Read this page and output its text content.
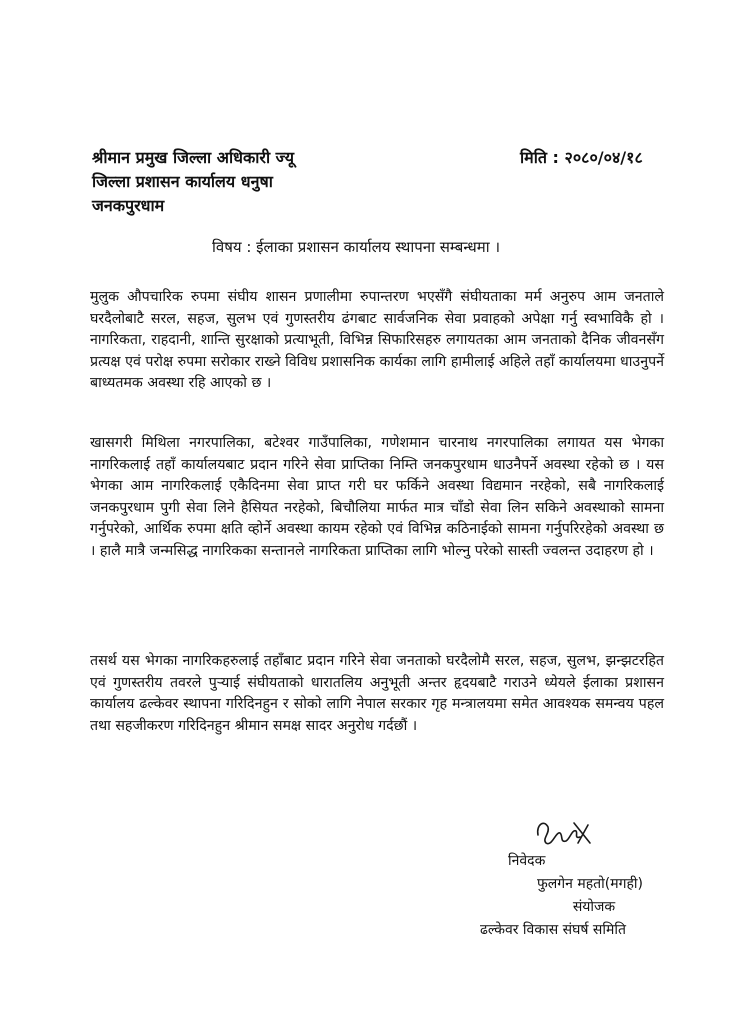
श्रीमान प्रमुख जिल्ला अधिकारी ज्यू
जिल्ला प्रशासन कार्यालय धनुषा
जनकपुरधाम
मिति : २०८०/०४/१८
विषय : ईलाका प्रशासन कार्यालय स्थापना सम्बन्धमा ।
मुलुक औपचारिक रुपमा संघीय शासन प्रणालीमा रुपान्तरण भएसँगै संघीयताका मर्म अनुरुप आम जनताले घरदैलोबाटै सरल, सहज, सुलभ एवं गुणस्तरीय ढंगबाट सार्वजनिक सेवा प्रवाहको अपेक्षा गर्नु स्वभाविकै हो । नागरिकता, राहदानी, शान्ति सुरक्षाको प्रत्याभूती, विभिन्न सिफारिसहरु लगायतका आम जनताको दैनिक जीवनसँग प्रत्यक्ष एवं परोक्ष रुपमा सरोकार राख्ने विविध प्रशासनिक कार्यका लागि हामीलाई अहिले तहाँ कार्यालयमा धाउनुपर्ने बाध्यतमक अवस्था रहि आएको छ ।
खासगरी मिथिला नगरपालिका, बटेश्वर गाउँपालिका, गणेशमान चारनाथ नगरपालिका लगायत यस भेगका नागरिकलाई तहाँ कार्यालयबाट प्रदान गरिने सेवा प्राप्तिका निम्ति जनकपुरधाम धाउनैपर्ने अवस्था रहेको छ । यस भेगका आम नागरिकलाई एकैदिनमा सेवा प्राप्त गरी घर फर्किने अवस्था विद्यमान नरहेको, सबै नागरिकलाई जनकपुरधाम पुगी सेवा लिने हैसियत नरहेको, बिचौलिया मार्फत मात्र चाँडो सेवा लिन सकिने अवस्थाको सामना गर्नुपरेको, आर्थिक रुपमा क्षति व्होर्ने अवस्था कायम रहेको एवं विभिन्न कठिनाईको सामना गर्नुपरिरहेको अवस्था छ । हालै मात्रै जन्मसिद्ध नागरिकका सन्तानले नागरिकता प्राप्तिका लागि भोल्नु परेको सास्ती ज्वलन्त उदाहरण हो ।
तसर्थ यस भेगका नागरिकहरुलाई तहाँबाट प्रदान गरिने सेवा जनताको घरदैलोमै सरल, सहज, सुलभ, झन्झटरहित एवं गुणस्तरीय तवरले पुऱ्याई संघीयताको धारातलिय अनुभूती अन्तर हृदयबाटै गराउने ध्येयले ईलाका प्रशासन कार्यालय ढल्केवर स्थापना गरिदिनहुन र सोको लागि नेपाल सरकार गृह मन्त्रालयमा समेत आवश्यक समन्वय पहल तथा सहजीकरण गरिदिनहुन श्रीमान समक्ष सादर अनुरोध गर्दछौं ।
निवेदक
फुलगेन महतो(मगही)
संयोजक
ढल्केवर विकास संघर्ष समिति
